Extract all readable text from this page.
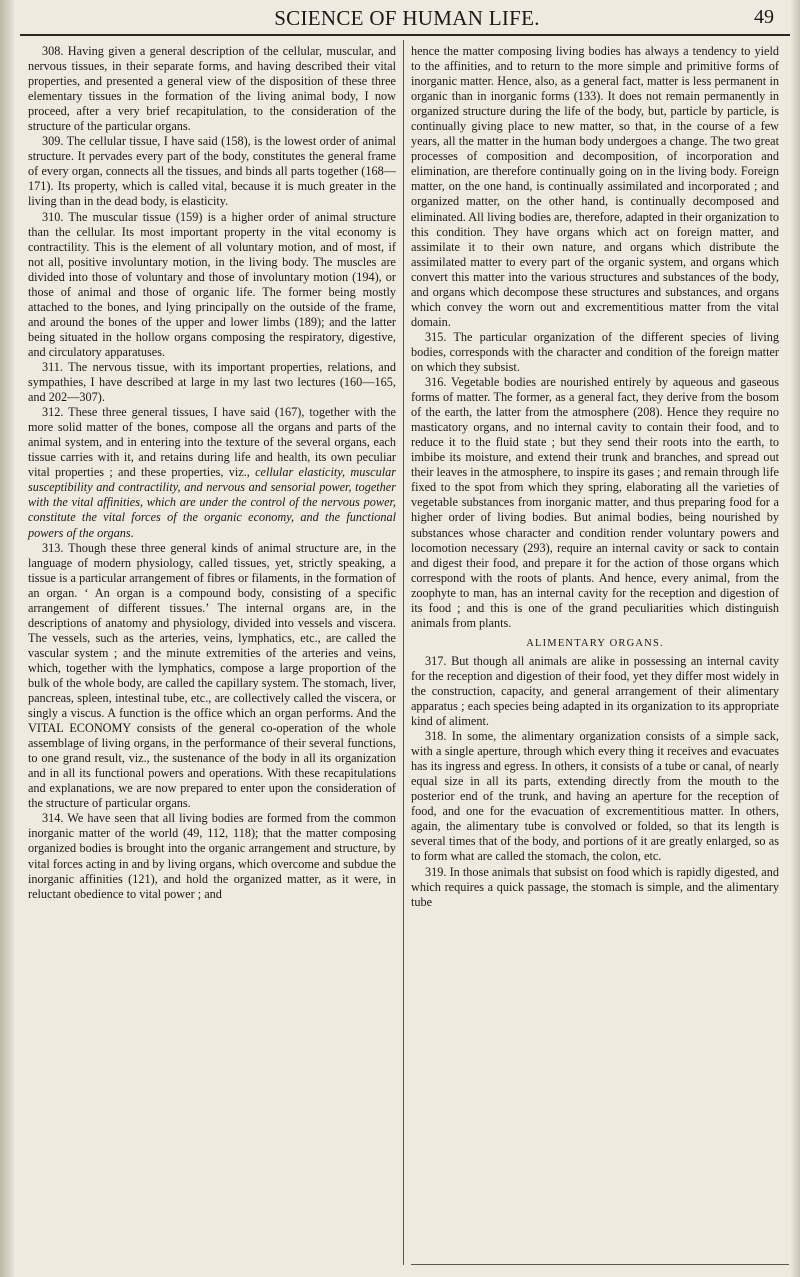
SCIENCE OF HUMAN LIFE.	49

308. Having given a general description of the cellular, muscular, and nervous tissues, in their separate forms, and having described their vital properties, and presented a general view of the disposition of these three elementary tissues in the formation of the living animal body, I now proceed, after a very brief recapitulation, to the consideration of the structure of the particular organs.

309. The cellular tissue, I have said (158), is the lowest order of animal structure. It pervades every part of the body, constitutes the general frame of every organ, connects all the tissues, and binds all parts together (168—171). Its property, which is called vital, because it is much greater in the living than in the dead body, is elasticity.

310. The muscular tissue (159) is a higher order of animal structure than the cellular. Its most important property in the vital economy is contractility. This is the element of all voluntary motion, and of most, if not all, positive involuntary motion, in the living body. The muscles are divided into those of voluntary and those of involuntary motion (194), or those of animal and those of organic life. The former being mostly attached to the bones, and lying principally on the outside of the frame, and around the bones of the upper and lower limbs (189); and the latter being situated in the hollow organs composing the respiratory, digestive, and circulatory apparatuses.

311. The nervous tissue, with its important properties, relations, and sympathies, I have described at large in my last two lectures (160—165, and 202—307).

312. These three general tissues, I have said (167), together with the more solid matter of the bones, compose all the organs and parts of the animal system, and in entering into the texture of the several organs, each tissue carries with it, and retains during life and health, its own peculiar vital properties ; and these properties, viz., cellular elasticity, muscular susceptibility and contractility, and nervous and sensorial power, together with the vital affinities, which are under the control of the nervous power, constitute the vital forces of the organic economy, and the functional powers of the organs.

313. Though these three general kinds of animal structure are, in the language of modern physiology, called tissues, yet, strictly speaking, a tissue is a particular arrangement of fibres or filaments, in the formation of an organ. ‘ An organ is a compound body, consisting of a specific arrangement of different tissues.’ The internal organs are, in the descriptions of anatomy and physiology, divided into vessels and viscera. The vessels, such as the arteries, veins, lymphatics, etc., are called the vascular system ; and the minute extremities of the arteries and veins, which, together with the lymphatics, compose a large proportion of the bulk of the whole body, are called the capillary system. The stomach, liver, pancreas, spleen, intestinal tube, etc., are collectively called the viscera, or singly a viscus. A function is the office which an organ performs. And the VITAL ECONOMY consists of the general co-operation of the whole assemblage of living organs, in the performance of their several functions, to one grand result, viz., the sustenance of the body in all its organization and in all its functional powers and operations. With these recapitulations and explanations, we are now prepared to enter upon the consideration of the structure of particular organs.

314. We have seen that all living bodies are formed from the common inorganic matter of the world (49, 112, 118); that the matter composing organized bodies is brought into the organic arrangement and structure, by vital forces acting in and by living organs, which overcome and subdue the inorganic affinities (121), and hold the organized matter, as it were, in reluctant obedience to vital power ; and

hence the matter composing living bodies has always a tendency to yield to the affinities, and to return to the more simple and primitive forms of inorganic matter. Hence, also, as a general fact, matter is less permanent in organic than in inorganic forms (133). It does not remain permanently in organized structure during the life of the body, but, particle by particle, is continually giving place to new matter, so that, in the course of a few years, all the matter in the human body undergoes a change. The two great processes of composition and decomposition, of incorporation and elimination, are therefore continually going on in the living body. Foreign matter, on the one hand, is continually assimilated and incorporated ; and organized matter, on the other hand, is continually decomposed and eliminated. All living bodies are, therefore, adapted in their organization to this condition. They have organs which act on foreign matter, and assimilate it to their own nature, and organs which distribute the assimilated matter to every part of the organic system, and organs which convert this matter into the various structures and substances of the body, and organs which decompose these structures and substances, and organs which convey the worn out and excrementitious matter from the vital domain.

315. The particular organization of the different species of living bodies, corresponds with the character and condition of the foreign matter on which they subsist.

316. Vegetable bodies are nourished entirely by aqueous and gaseous forms of matter. The former, as a general fact, they derive from the bosom of the earth, the latter from the atmosphere (208). Hence they require no masticatory organs, and no internal cavity to contain their food, and to reduce it to the fluid state ; but they send their roots into the earth, to imbibe its moisture, and extend their trunk and branches, and spread out their leaves in the atmosphere, to inspire its gases ; and remain through life fixed to the spot from which they spring, elaborating all the varieties of vegetable substances from inorganic matter, and thus preparing food for a higher order of living bodies. But animal bodies, being nourished by substances whose character and condition render voluntary powers and locomotion necessary (293), require an internal cavity or sack to contain and digest their food, and prepare it for the action of those organs which correspond with the roots of plants. And hence, every animal, from the zoophyte to man, has an internal cavity for the reception and digestion of its food ; and this is one of the grand peculiarities which distinguish animals from plants.

ALIMENTARY ORGANS.

317. But though all animals are alike in possessing an internal cavity for the reception and digestion of their food, yet they differ most widely in the construction, capacity, and general arrangement of their alimentary apparatus ; each species being adapted in its organization to its appropriate kind of aliment.

318. In some, the alimentary organization consists of a simple sack, with a single aperture, through which every thing it receives and evacuates has its ingress and egress. In others, it consists of a tube or canal, of nearly equal size in all its parts, extending directly from the mouth to the posterior end of the trunk, and having an aperture for the reception of food, and one for the evacuation of excrementitious matter. In others, again, the alimentary tube is convolved or folded, so that its length is several times that of the body, and portions of it are greatly enlarged, so as to form what are called the stomach, the colon, etc.

319. In those animals that subsist on food which is rapidly digested, and which requires a quick passage, the stomach is simple, and the alimentary tube
